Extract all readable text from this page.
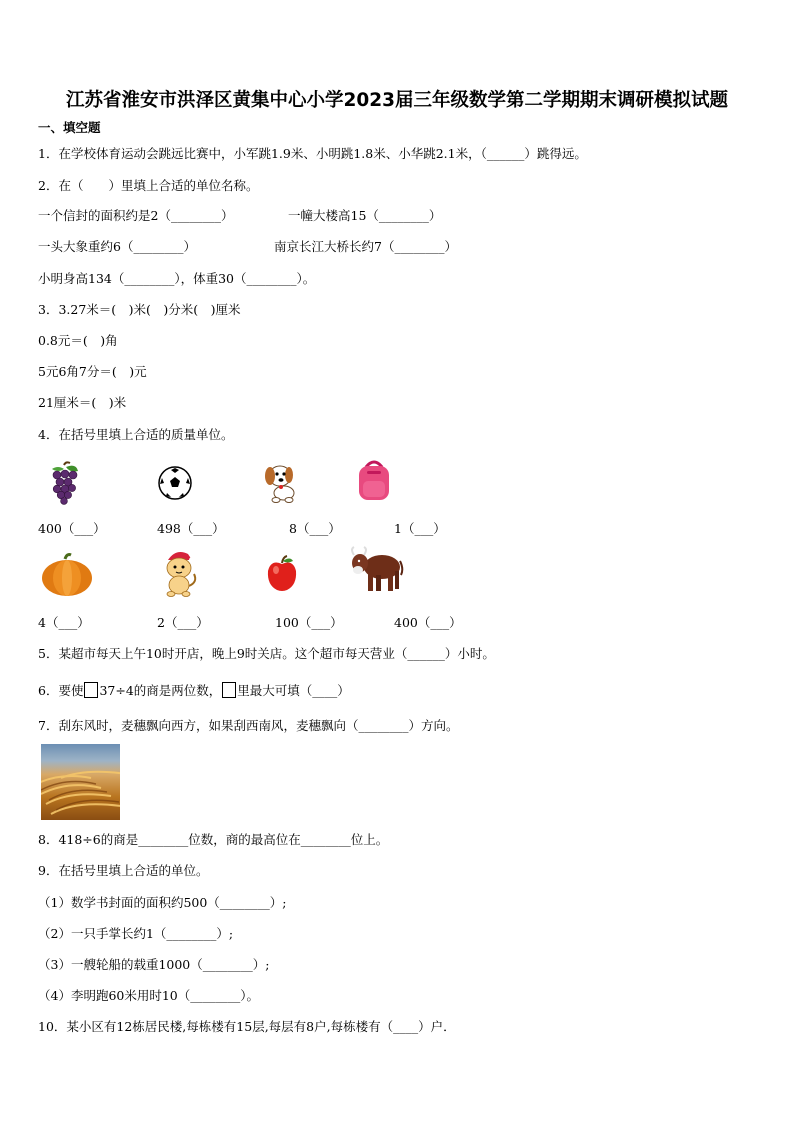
江苏省淮安市洪泽区黄集中心小学2023届三年级数学第二学期期末调研模拟试题
一、填空题
1．在学校体育运动会跳远比赛中，小军跳1.9米、小明跳1.8米、小华跳2.1米，（______）跳得远。
2．在（　　）里填上合适的单位名称。
一个信封的面积约是2（________）	一幢大楼高15（________）
一头大象重约6（________）	南京长江大桥长约7（________）
小明身高134（________），体重30（________）。
3．3.27米＝(　)米(　)分米(　)厘米
0.8元＝(　)角
5元6角7分＝(　)元
21厘米＝(　)米
4．在括号里填上合适的质量单位。
400（___）	498（___）	8（___）	1（___）
4（___）	2（___）	100（___）	400（___）
5．某超市每天上午10时开店，晚上9时关店。这个超市每天营业（______）小时。
6．要使 37÷4的商是两位数， 里最大可填（____）
7．刮东风时，麦穗飘向西方，如果刮西南风，麦穗飘向（________）方向。
8．418÷6的商是________位数，商的最高位在________位上。
9．在括号里填上合适的单位。
（1）数学书封面的面积约500（________）;
（2）一只手掌长约1（________）;
（3）一艘轮船的载重1000（________）;
（4）李明跑60米用时10（________）。
10．某小区有12栋居民楼,每栋楼有15层,每层有8户,每栋楼有（____）户．
